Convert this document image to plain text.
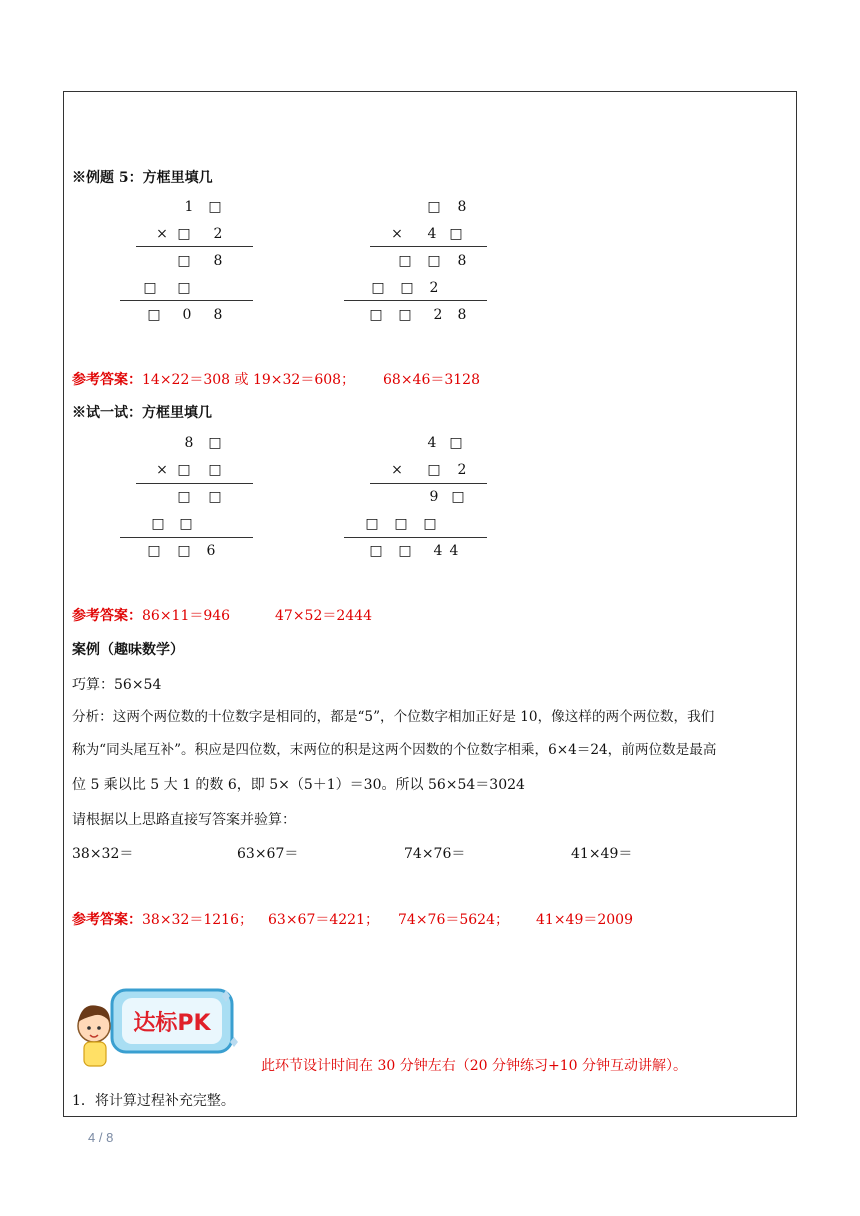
※例题 5：方框里填几
1	□
× □	2
□	8
□ □
□	0	8
□	8
×	4 □
□ □	8
□ □	2
□ □	2	8
参考答案：14×22＝308 或 19×32＝608； 68×46＝3128
※试一试：方框里填几
8	□
× □ □
□ □
□ □
□ □	6
4 □
× □	2
9 □
□ □ □
□ □	4 4
参考答案：86×11＝946	47×52＝2444
案例（趣味数学）
巧算：56×54
分析：这两个两位数的十位数字是相同的，都是“5”，个位数字相加正好是 10，像这样的两个两位数，我们
称为“同头尾互补”。积应是四位数，末两位的积是这两个因数的个位数字相乘，6×4＝24，前两位数是最高
位 5 乘以比 5 大 1 的数 6，即 5×（5＋1）＝30。所以 56×54＝3024
请根据以上思路直接写答案并验算：
38×32＝	63×67＝	74×76＝	41×49＝
参考答案：38×32＝1216； 63×67＝4221； 74×76＝5624； 41×49＝2009
达标PK
此环节设计时间在 30 分钟左右（20 分钟练习+10 分钟互动讲解）。
1．将计算过程补充完整。
4 / 8
